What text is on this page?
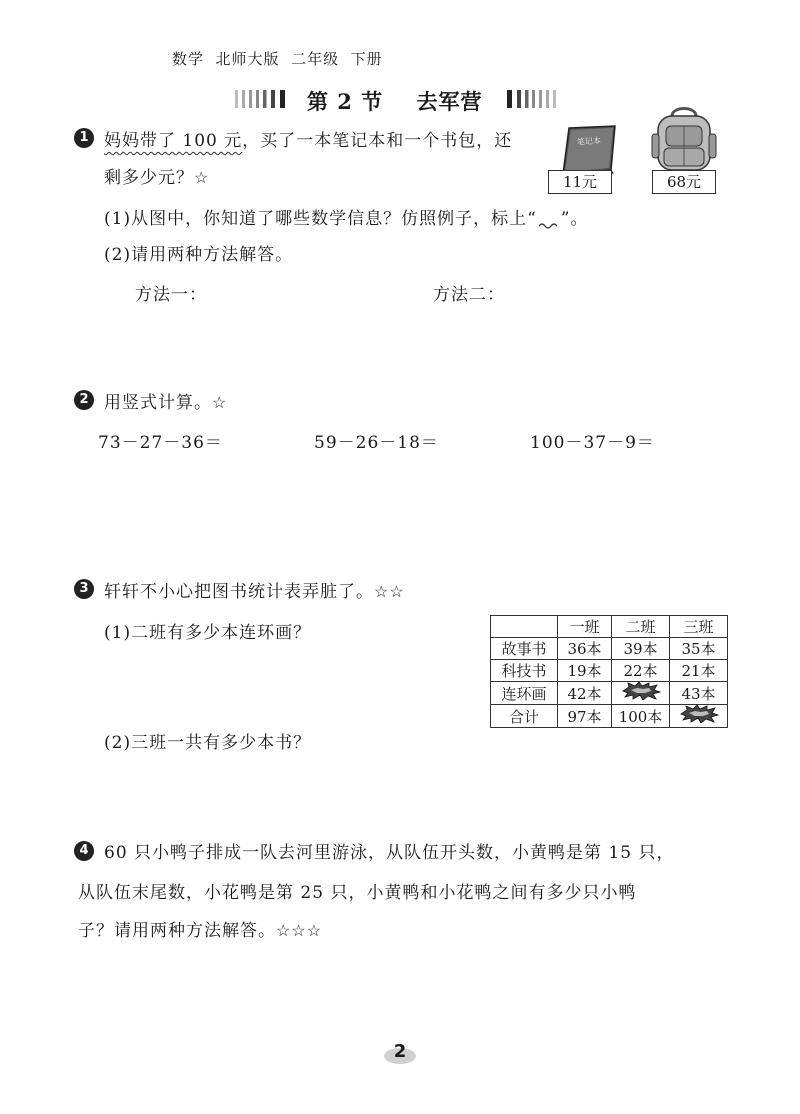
数学  北师大版  二年级  下册
第 2 节    去军营
1 妈妈带了 100 元，买了一本笔记本和一个书包，还
剩多少元？☆
笔记本
11元	68元
(1)从图中，你知道了哪些数学信息？仿照例子，标上“ ”。
(2)请用两种方法解答。
方法一：	方法二：
2 用竖式计算。☆
73－27－36＝	59－26－18＝	100－37－9＝
3 轩轩不小心把图书统计表弄脏了。☆☆
(1)二班有多少本连环画？
(2)三班一共有多少本书？
	一班	二班	三班
故事书	36本	39本	35本
科技书	19本	22本	21本
连环画	42本		43本
合计	97本	100本	
4 60 只小鸭子排成一队去河里游泳，从队伍开头数，小黄鸭是第 15 只，
从队伍末尾数，小花鸭是第 25 只，小黄鸭和小花鸭之间有多少只小鸭
子？请用两种方法解答。☆☆☆
2
